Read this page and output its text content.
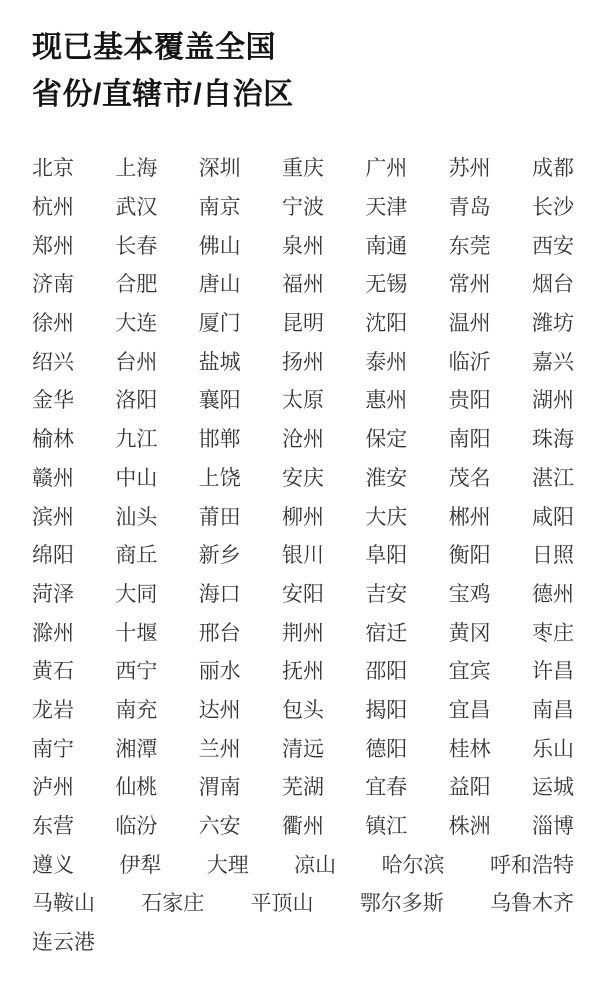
现已基本覆盖全国
省份/直辖市/自治区
北京 上海 深圳 重庆 广州 苏州 成都
杭州 武汉 南京 宁波 天津 青岛 长沙
郑州 长春 佛山 泉州 南通 东莞 西安
济南 合肥 唐山 福州 无锡 常州 烟台
徐州 大连 厦门 昆明 沈阳 温州 潍坊
绍兴 台州 盐城 扬州 泰州 临沂 嘉兴
金华 洛阳 襄阳 太原 惠州 贵阳 湖州
榆林 九江 邯郸 沧州 保定 南阳 珠海
赣州 中山 上饶 安庆 淮安 茂名 湛江
滨州 汕头 莆田 柳州 大庆 郴州 咸阳
绵阳 商丘 新乡 银川 阜阳 衡阳 日照
菏泽 大同 海口 安阳 吉安 宝鸡 德州
滁州 十堰 邢台 荆州 宿迁 黄冈 枣庄
黄石 西宁 丽水 抚州 邵阳 宜宾 许昌
龙岩 南充 达州 包头 揭阳 宜昌 南昌
南宁 湘潭 兰州 清远 德阳 桂林 乐山
泸州 仙桃 渭南 芜湖 宜春 益阳 运城
东营 临汾 六安 衢州 镇江 株洲 淄博
遵义 伊犁 大理 凉山 哈尔滨 呼和浩特
马鞍山 石家庄 平顶山 鄂尔多斯 乌鲁木齐
连云港
